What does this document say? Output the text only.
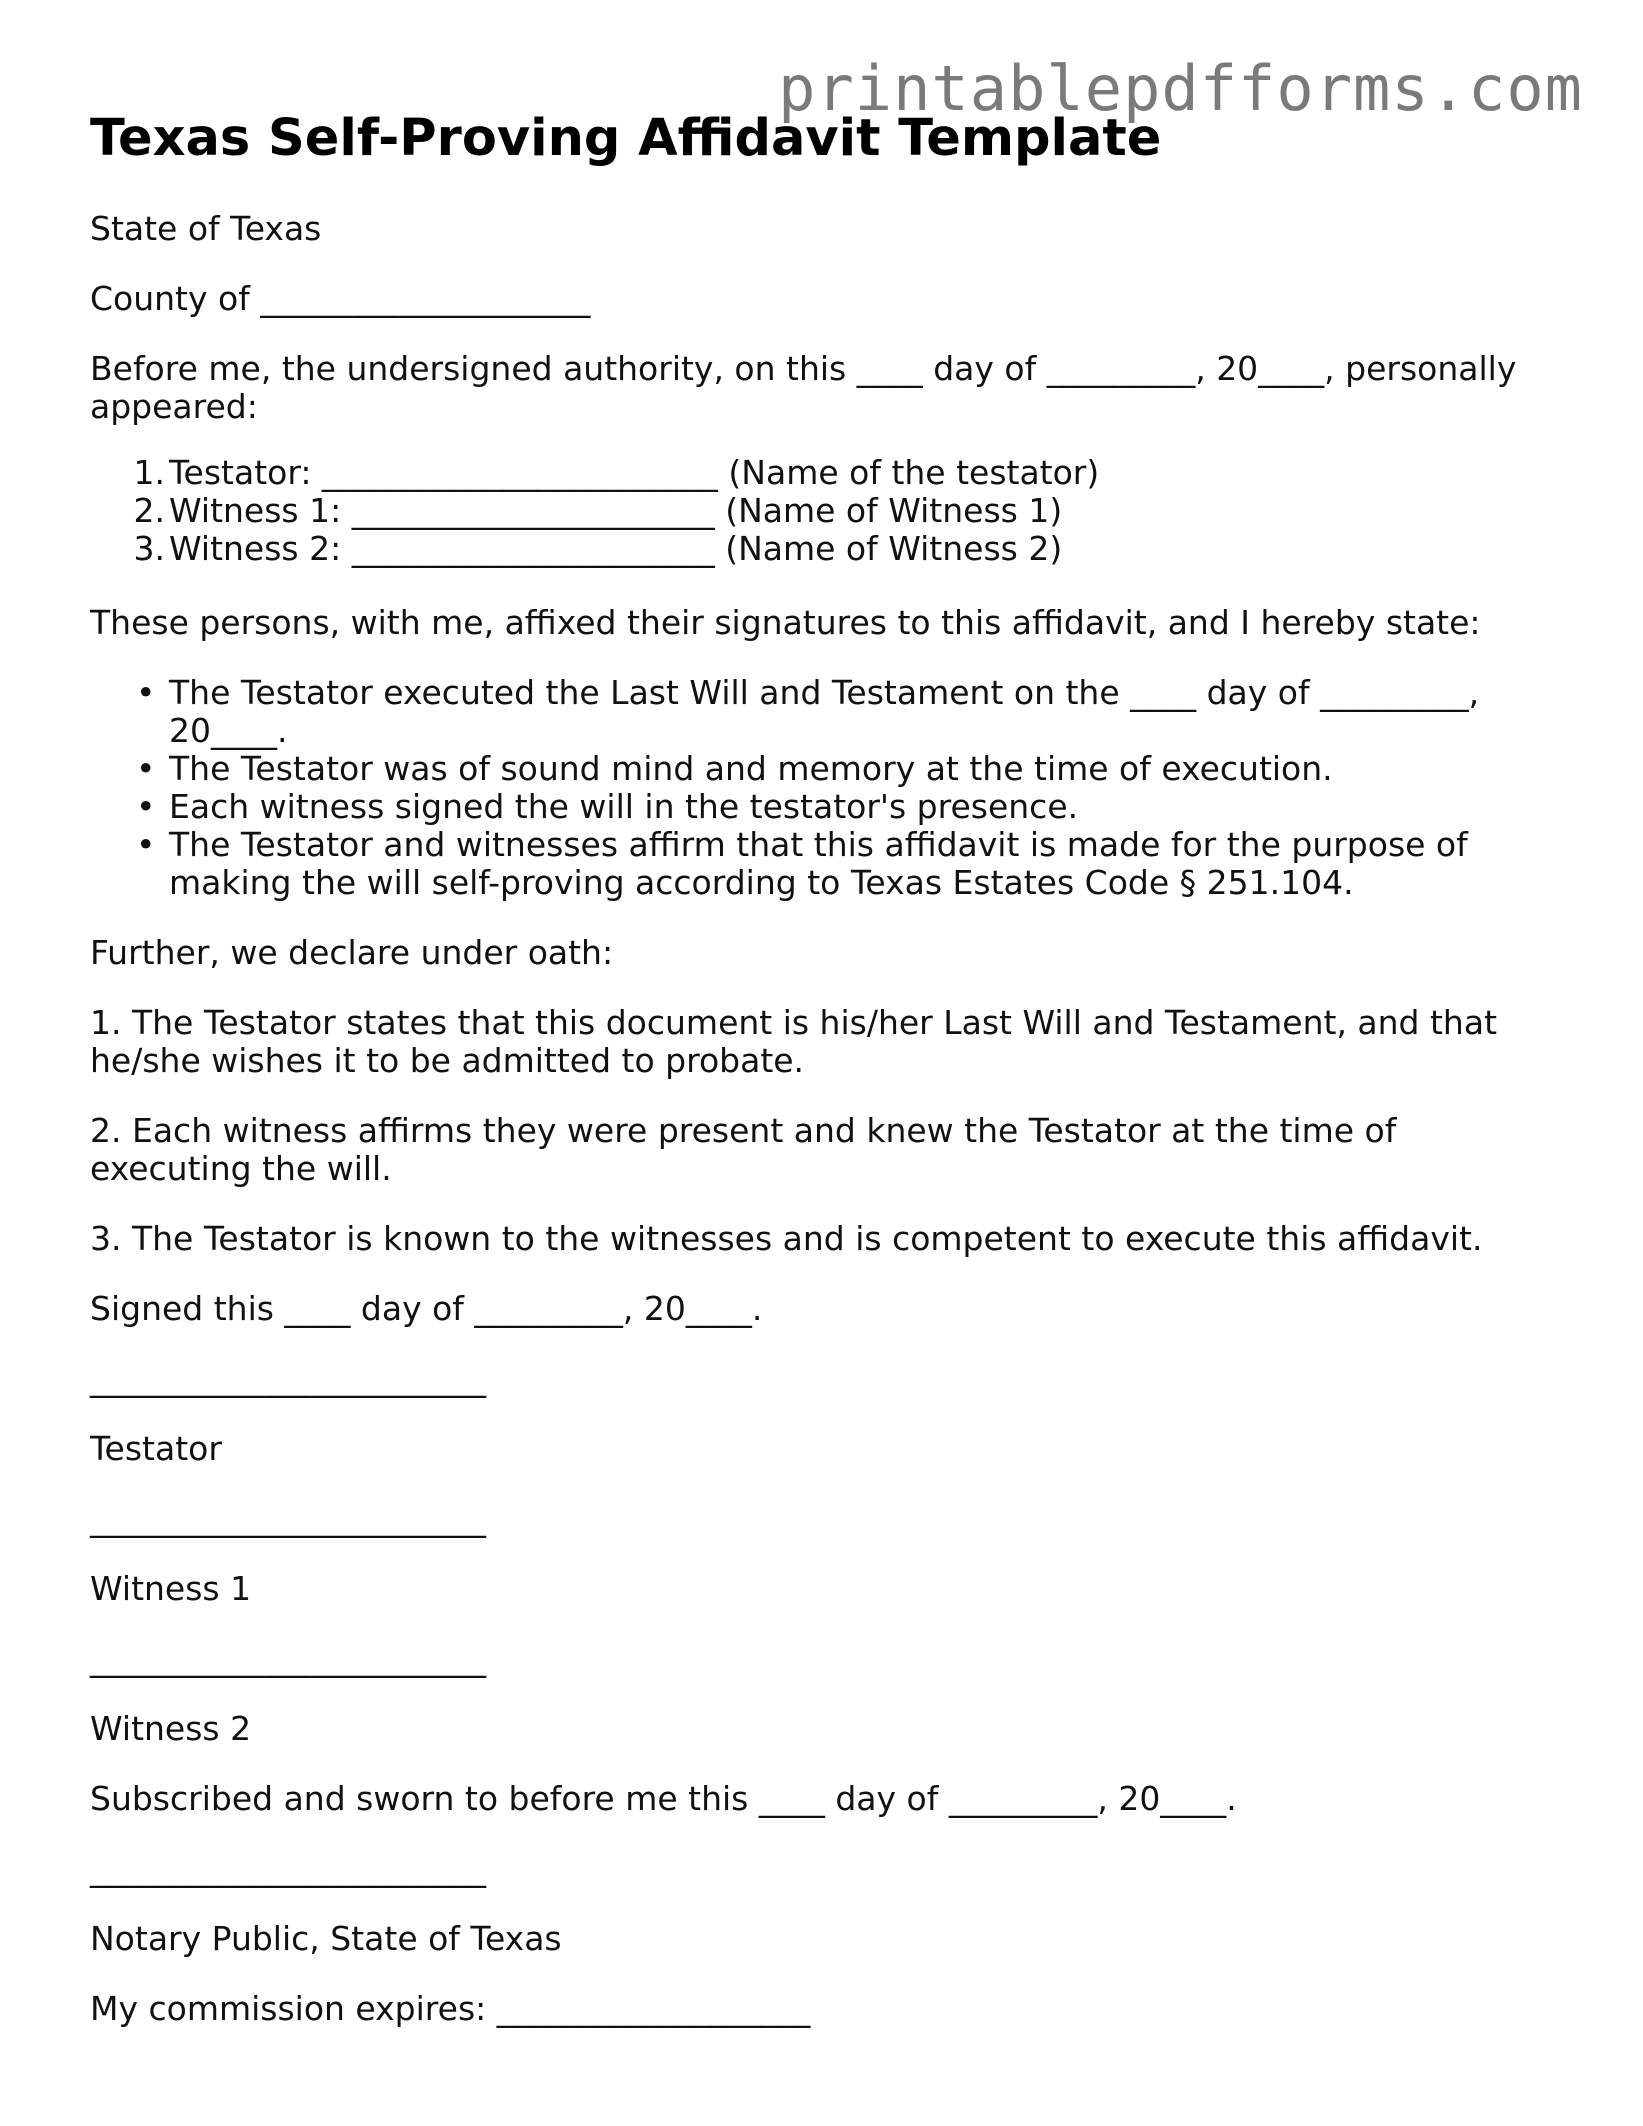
printablepdfforms.com
Texas Self-Proving Affidavit Template

State of Texas

County of ____________________

Before me, the undersigned authority, on this ____ day of _________, 20____, personally appeared:

1. Testator: ________________________ (Name of the testator)
2. Witness 1: ______________________ (Name of Witness 1)
3. Witness 2: ______________________ (Name of Witness 2)

These persons, with me, affixed their signatures to this affidavit, and I hereby state:

• The Testator executed the Last Will and Testament on the ____ day of _________, 20____.
• The Testator was of sound mind and memory at the time of execution.
• Each witness signed the will in the testator's presence.
• The Testator and witnesses affirm that this affidavit is made for the purpose of making the will self-proving according to Texas Estates Code § 251.104.

Further, we declare under oath:

1. The Testator states that this document is his/her Last Will and Testament, and that he/she wishes it to be admitted to probate.

2. Each witness affirms they were present and knew the Testator at the time of executing the will.

3. The Testator is known to the witnesses and is competent to execute this affidavit.

Signed this ____ day of _________, 20____.

________________________

Testator

________________________

Witness 1

________________________

Witness 2

Subscribed and sworn to before me this ____ day of _________, 20____.

________________________

Notary Public, State of Texas

My commission expires: ___________________
